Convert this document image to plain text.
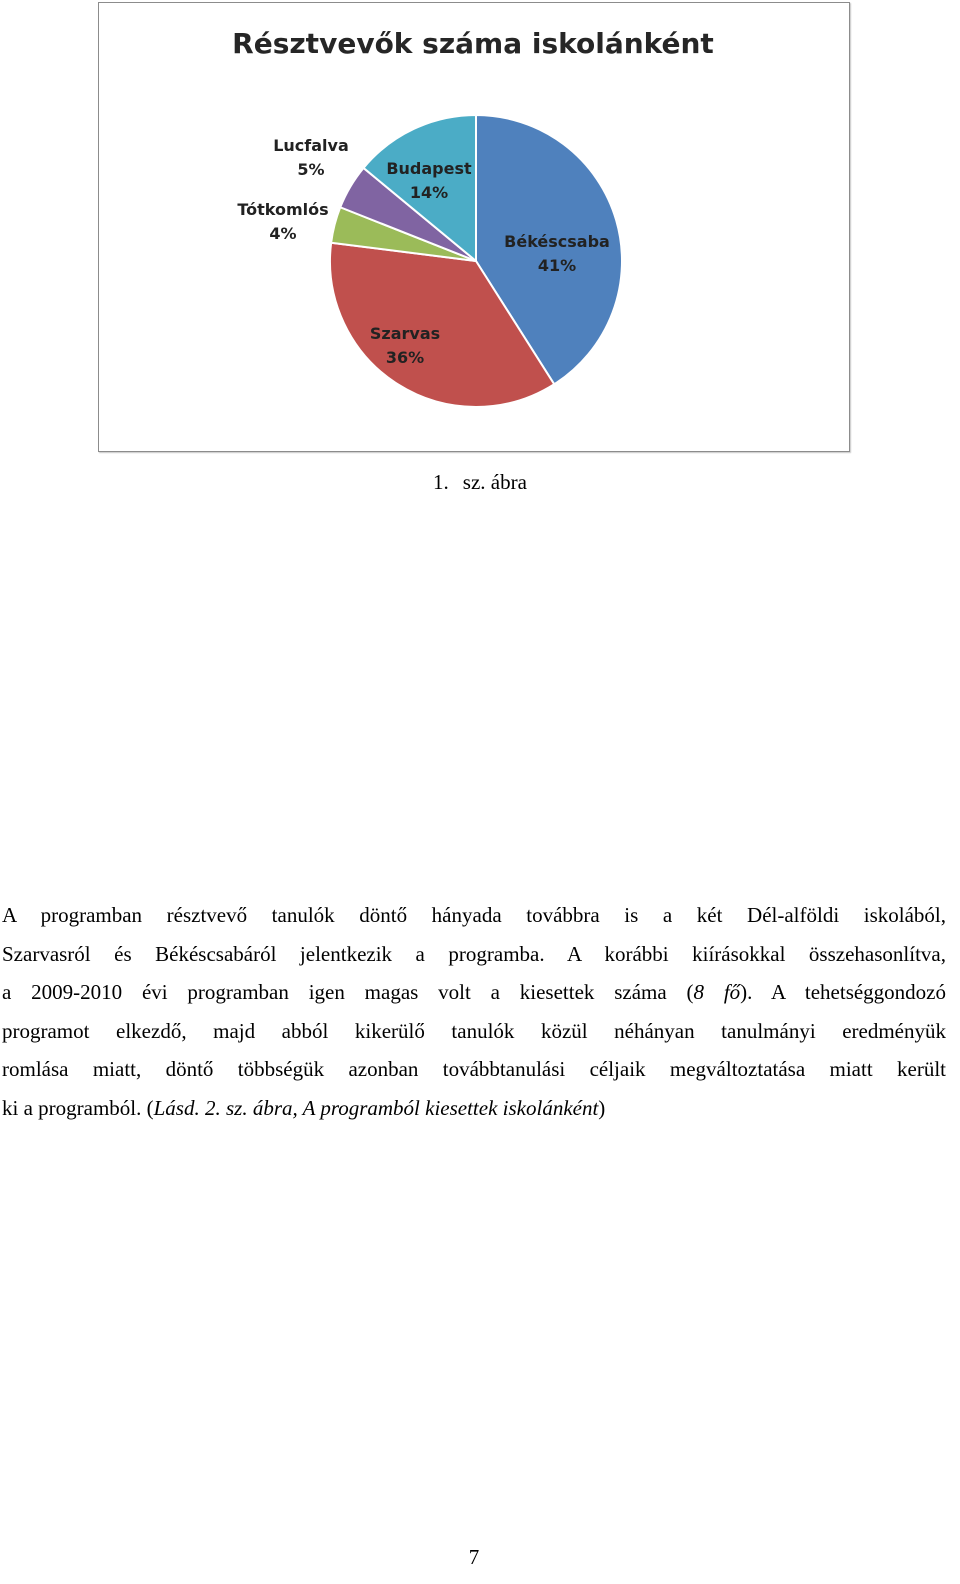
Résztvevők száma iskolánként
Békéscsaba
41%
Szarvas
36%
Tótkomlós
4%
Lucfalva
5%	Budapest
14%
1. sz. ábra
A programban résztvevő tanulók döntő hányada továbbra is a két Dél-alföldi iskolából,
Szarvasról és Békéscsabáról jelentkezik a programba. A korábbi kiírásokkal összehasonlítva,
a 2009-2010 évi programban igen magas volt a kiesettek száma (8 fő). A tehetséggondozó
programot elkezdő, majd abból kikerülő tanulók közül néhányan tanulmányi eredményük
romlása miatt, döntő többségük azonban továbbtanulási céljaik megváltoztatása miatt került
ki a programból. (Lásd. 2. sz. ábra, A programból kiesettek iskolánként)
7
